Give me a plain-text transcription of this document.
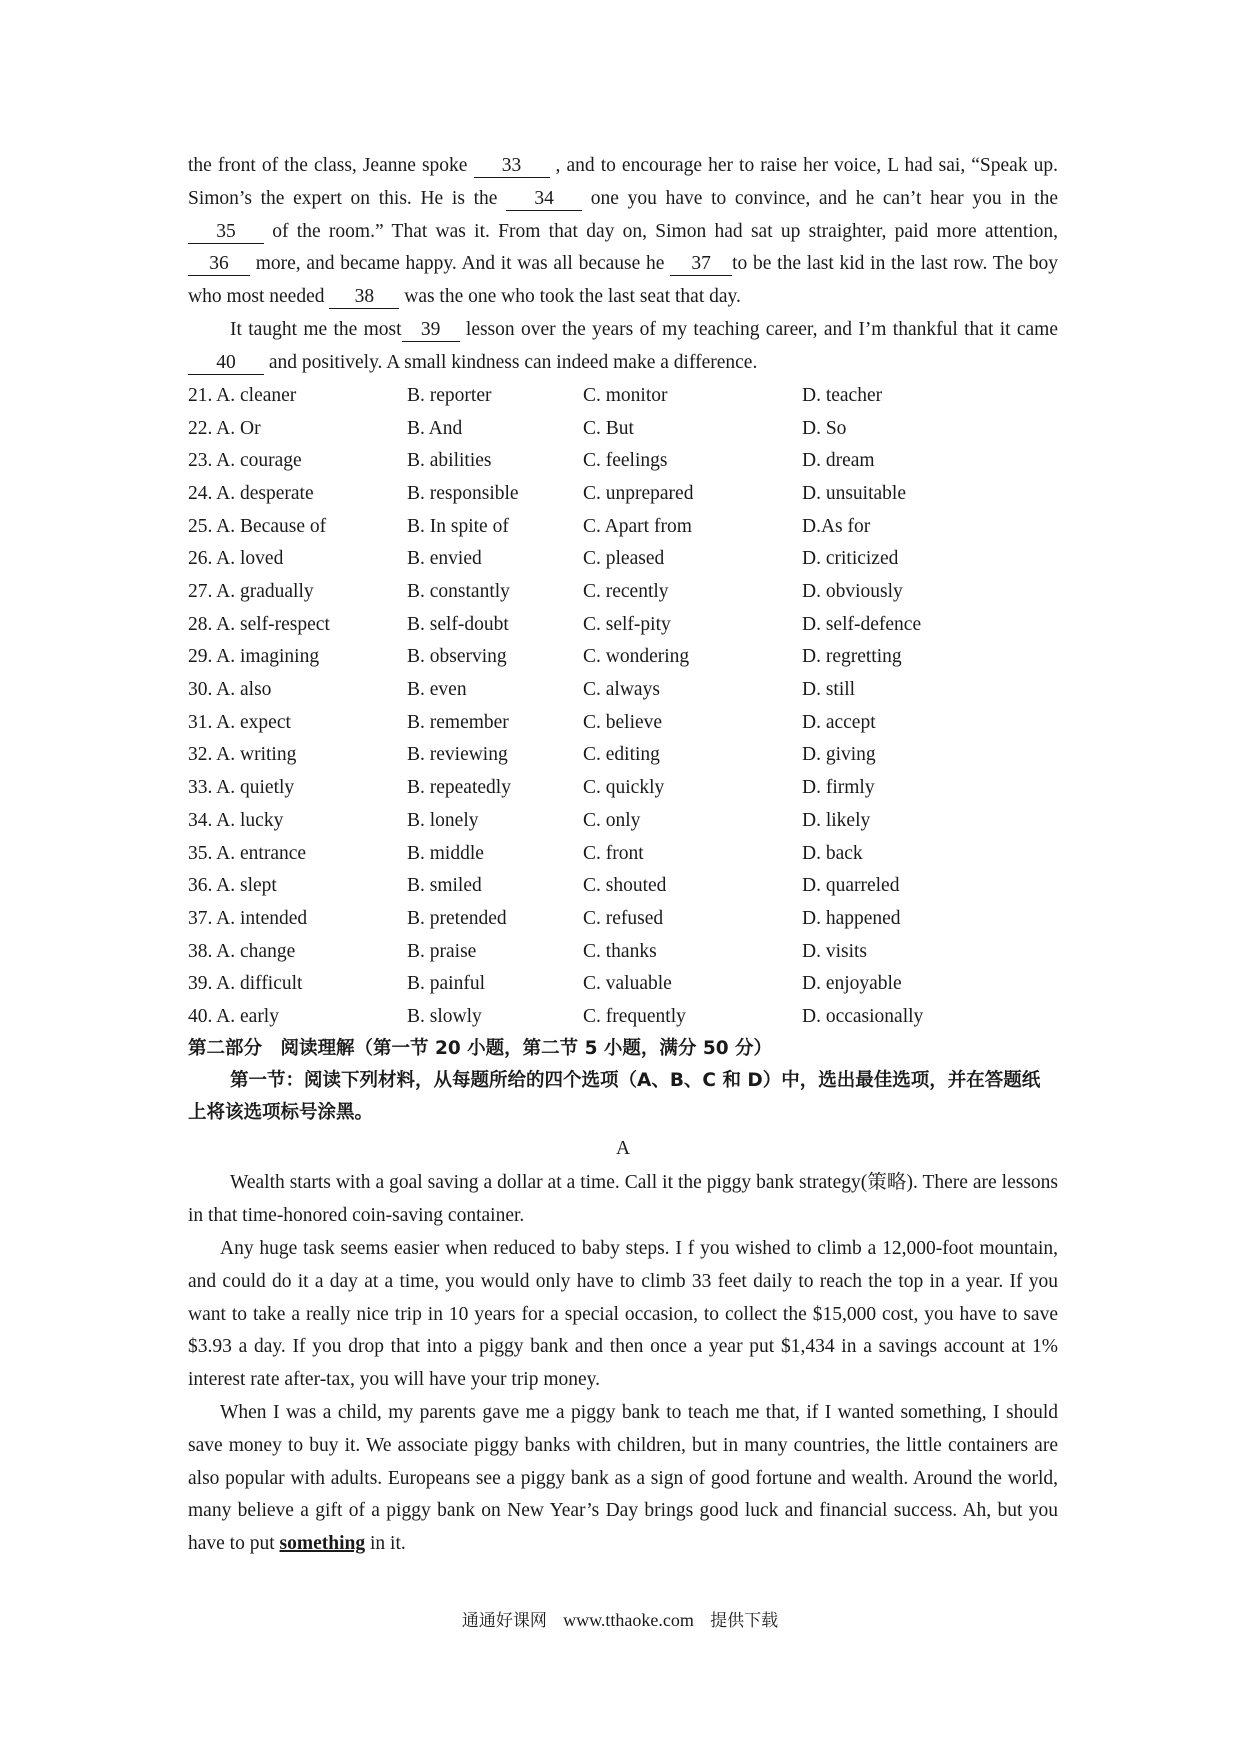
the front of the class, Jeanne spoke 33 , and to encourage her to raise her voice, L had sai, “Speak up. Simon’s the expert on this. He is the 34 one you have to convince, and he can’t hear you in the 35 of the room.” That was it. From that day on, Simon had sat up straighter, paid more attention, 36 more, and became happy. And it was all because he 37 to be the last kid in the last row. The boy who most needed 38 was the one who took the last seat that day.

It taught me the most 39 lesson over the years of my teaching career, and I’m thankful that it came 40 and positively. A small kindness can indeed make a difference.

21. A. cleaner	B. reporter	C. monitor	D. teacher
22. A. Or	B. And	C. But	D. So
23. A. courage	B. abilities	C. feelings	D. dream
24. A. desperate	B. responsible	C. unprepared	D. unsuitable
25. A. Because of	B. In spite of	C. Apart from	D.As for
26. A. loved	B. envied	C. pleased	D. criticized
27. A. gradually	B. constantly	C. recently	D. obviously
28. A. self-respect	B. self-doubt	C. self-pity	D. self-defence
29. A. imagining	B. observing	C. wondering	D. regretting
30. A. also	B. even	C. always	D. still
31. A. expect	B. remember	C. believe	D. accept
32. A. writing	B. reviewing	C. editing	D. giving
33. A. quietly	B. repeatedly	C. quickly	D. firmly
34. A. lucky	B. lonely	C. only	D. likely
35. A. entrance	B. middle	C. front	D. back
36. A. slept	B. smiled	C. shouted	D. quarreled
37. A. intended	B. pretended	C. refused	D. happened
38. A. change	B. praise	C. thanks	D. visits
39. A. difficult	B. painful	C. valuable	D. enjoyable
40. A. early	B. slowly	C. frequently	D. occasionally

第二部分　阅读理解（第一节 20 小题，第二节 5 小题，满分 50 分）

第一节：阅读下列材料，从每题所给的四个选项（A、B、C 和 D）中，选出最佳选项，并在答题纸上将该选项标号涂黑。

A

Wealth starts with a goal saving a dollar at a time. Call it the piggy bank strategy(策略). There are lessons in that time-honored coin-saving container.

Any huge task seems easier when reduced to baby steps. I f you wished to climb a 12,000-foot mountain, and could do it a day at a time, you would only have to climb 33 feet daily to reach the top in a year. If you want to take a really nice trip in 10 years for a special occasion, to collect the $15,000 cost, you have to save $3.93 a day. If you drop that into a piggy bank and then once a year put $1,434 in a savings account at 1% interest rate after-tax, you will have your trip money.

When I was a child, my parents gave me a piggy bank to teach me that, if I wanted something, I should save money to buy it. We associate piggy banks with children, but in many countries, the little containers are also popular with adults. Europeans see a piggy bank as a sign of good fortune and wealth. Around the world, many believe a gift of a piggy bank on New Year’s Day brings good luck and financial success. Ah, but you have to put something in it.

通通好课网 www.tthaoke.com 提供下载
